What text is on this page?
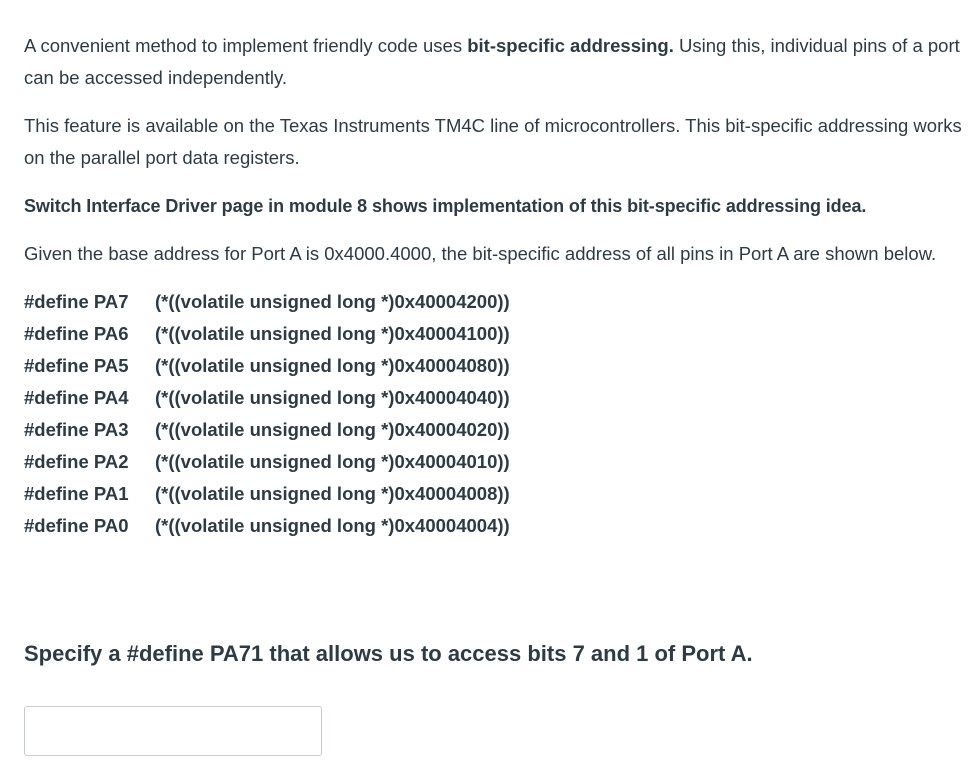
A convenient method to implement friendly code uses bit-specific addressing. Using this, individual pins of a port can be accessed independently.

This feature is available on the Texas Instruments TM4C line of microcontrollers. This bit-specific addressing works on the parallel port data registers.

Switch Interface Driver page in module 8 shows implementation of this bit-specific addressing idea.

Given the base address for Port A is 0x4000.4000, the bit-specific address of all pins in Port A are shown below.

#define PA7	(*((volatile unsigned long *)0x40004200))
#define PA6	(*((volatile unsigned long *)0x40004100))
#define PA5	(*((volatile unsigned long *)0x40004080))
#define PA4	(*((volatile unsigned long *)0x40004040))
#define PA3	(*((volatile unsigned long *)0x40004020))
#define PA2	(*((volatile unsigned long *)0x40004010))
#define PA1	(*((volatile unsigned long *)0x40004008))
#define PA0	(*((volatile unsigned long *)0x40004004))
Specify a #define PA71 that allows us to access bits 7 and 1 of Port A.
